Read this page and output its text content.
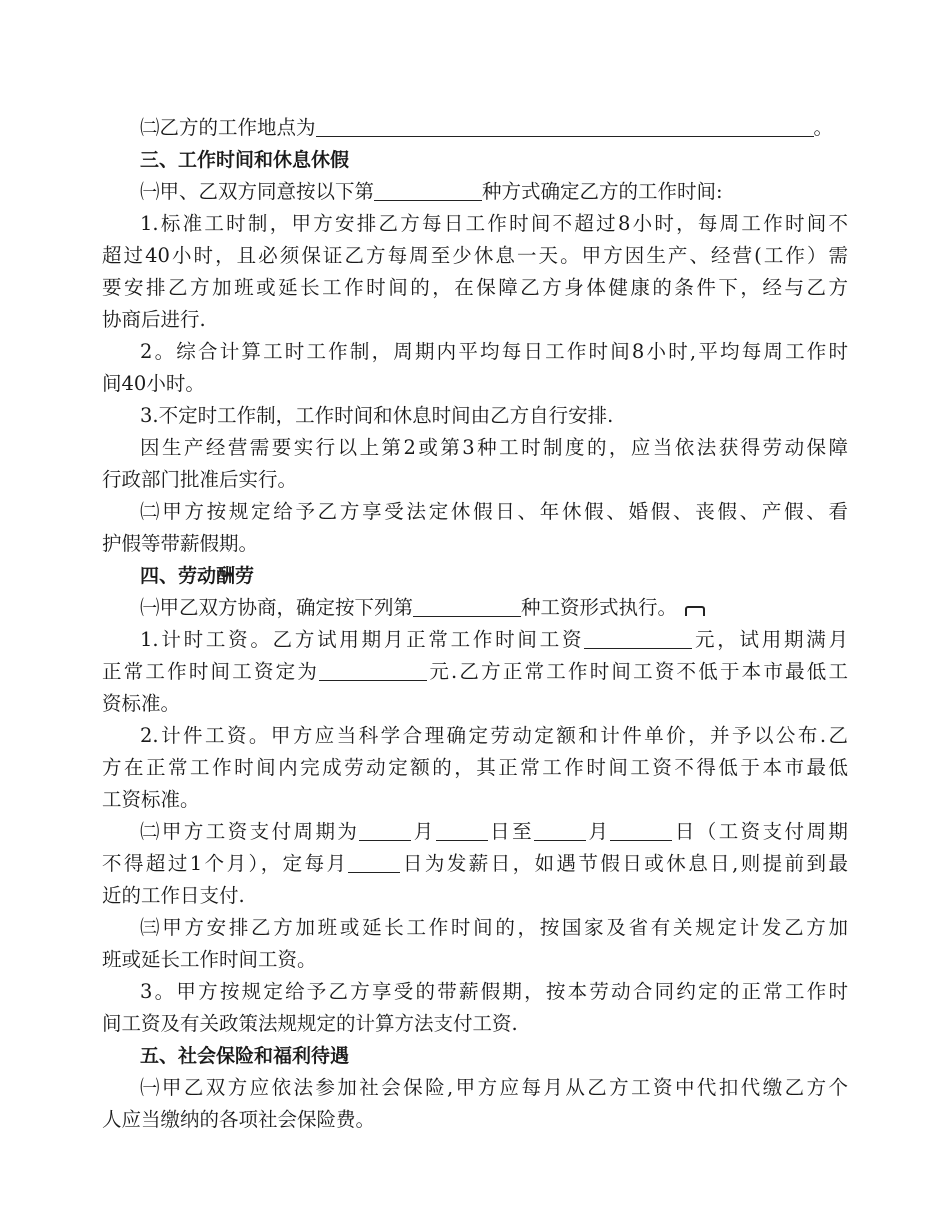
㈡乙方的工作地点为	。
三、工作时间和休息休假
㈠甲、乙双方同意按以下第	种方式确定乙方的工作时间:
1.标准工时制，甲方安排乙方每日工作时间不超过8小时，每周工作时间不
超过40小时，且必须保证乙方每周至少休息一天。甲方因生产、经营(工作）需
要安排乙方加班或延长工作时间的，在保障乙方身体健康的条件下，经与乙方
协商后进行.
2。综合计算工时工作制，周期内平均每日工作时间8小时,平均每周工作时
间40小时。
3.不定时工作制，工作时间和休息时间由乙方自行安排.
因生产经营需要实行以上第2或第3种工时制度的，应当依法获得劳动保障
行政部门批准后实行。
㈡甲方按规定给予乙方享受法定休假日、年休假、婚假、丧假、产假、看
护假等带薪假期。
四、劳动酬劳
㈠甲乙双方协商，确定按下列第	种工资形式执行。
1.计时工资。乙方试用期月正常工作时间工资	元，试用期满月
正常工作时间工资定为	元.乙方正常工作时间工资不低于本市最低工
资标准。
2.计件工资。甲方应当科学合理确定劳动定额和计件单价，并予以公布.乙
方在正常工作时间内完成劳动定额的，其正常工作时间工资不得低于本市最低
工资标准。
㈡甲方工资支付周期为	月	日至	月	日（工资支付周期
不得超过1个月），定每月	日为发薪日，如遇节假日或休息日,则提前到最
近的工作日支付.
㈢甲方安排乙方加班或延长工作时间的，按国家及省有关规定计发乙方加
班或延长工作时间工资。
3。甲方按规定给予乙方享受的带薪假期，按本劳动合同约定的正常工作时
间工资及有关政策法规规定的计算方法支付工资.
五、社会保险和福利待遇
㈠甲乙双方应依法参加社会保险,甲方应每月从乙方工资中代扣代缴乙方个
人应当缴纳的各项社会保险费。
